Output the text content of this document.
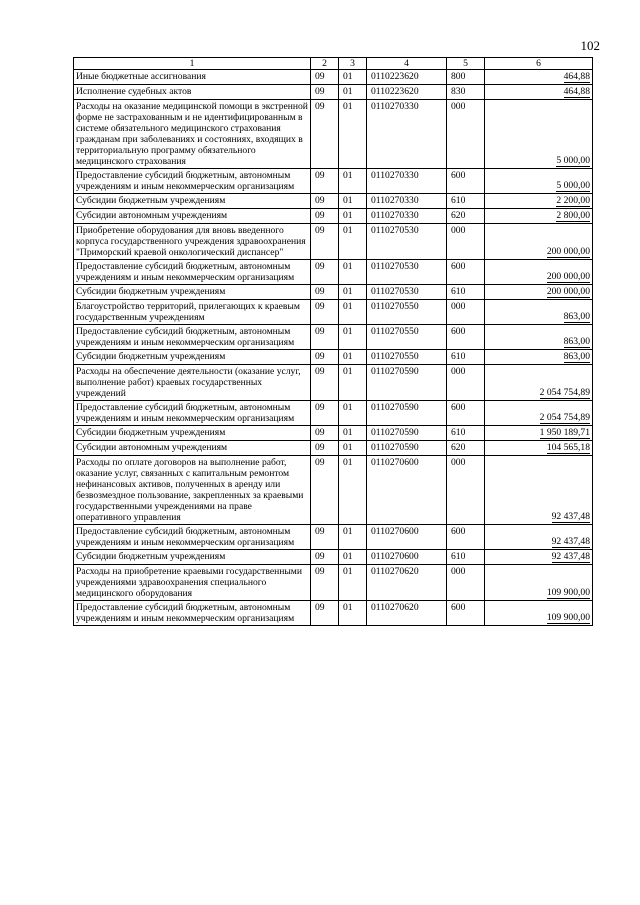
102
1	2	3	4	5	6
Иные бюджетные ассигнования	09	01	0110223620	800	464,88
Исполнение судебных актов	09	01	0110223620	830	464,88
Расходы на оказание медицинской помощи в экстренной форме не застрахованным и не идентифицированным в системе обязательного медицинского страхования гражданам при заболеваниях и состояниях, входящих в территориальную программу обязательного медицинского страхования	09	01	0110270330	000	5 000,00
Предоставление субсидий бюджетным, автономным учреждениям и иным некоммерческим организациям	09	01	0110270330	600	5 000,00
Субсидии бюджетным учреждениям	09	01	0110270330	610	2 200,00
Субсидии автономным учреждениям	09	01	0110270330	620	2 800,00
Приобретение оборудования для вновь введенного корпуса государственного учреждения здравоохранения "Приморский краевой онкологический диспансер"	09	01	0110270530	000	200 000,00
Предоставление субсидий бюджетным, автономным учреждениям и иным некоммерческим организациям	09	01	0110270530	600	200 000,00
Субсидии бюджетным учреждениям	09	01	0110270530	610	200 000,00
Благоустройство территорий, прилегающих к краевым государственным учреждениям	09	01	0110270550	000	863,00
Предоставление субсидий бюджетным, автономным учреждениям и иным некоммерческим организациям	09	01	0110270550	600	863,00
Субсидии бюджетным учреждениям	09	01	0110270550	610	863,00
Расходы на обеспечение деятельности (оказание услуг, выполнение работ) краевых государственных учреждений	09	01	0110270590	000	2 054 754,89
Предоставление субсидий бюджетным, автономным учреждениям и иным некоммерческим организациям	09	01	0110270590	600	2 054 754,89
Субсидии бюджетным учреждениям	09	01	0110270590	610	1 950 189,71
Субсидии автономным учреждениям	09	01	0110270590	620	104 565,18
Расходы по оплате договоров на выполнение работ, оказание услуг, связанных с капитальным ремонтом нефинансовых активов, полученных в аренду или безвозмездное пользование, закрепленных за краевыми государственными учреждениями на праве оперативного управления	09	01	0110270600	000	92 437,48
Предоставление субсидий бюджетным, автономным учреждениям и иным некоммерческим организациям	09	01	0110270600	600	92 437,48
Субсидии бюджетным учреждениям	09	01	0110270600	610	92 437,48
Расходы на приобретение краевыми государственными учреждениями здравоохранения специального медицинского оборудования	09	01	0110270620	000	109 900,00
Предоставление субсидий бюджетным, автономным учреждениям и иным некоммерческим организациям	09	01	0110270620	600	109 900,00
